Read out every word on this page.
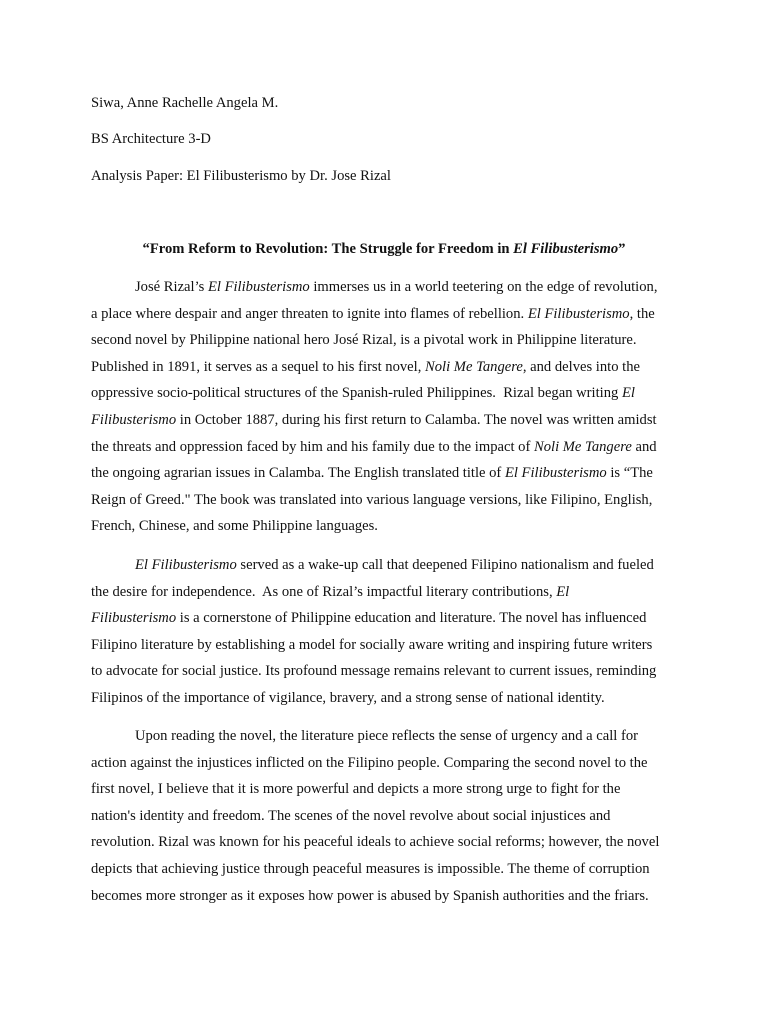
Siwa, Anne Rachelle Angela M.
BS Architecture 3-D
Analysis Paper: El Filibusterismo by Dr. Jose Rizal
“From Reform to Revolution: The Struggle for Freedom in El Filibusterismo”
José Rizal’s El Filibusterismo immerses us in a world teetering on the edge of revolution,
a place where despair and anger threaten to ignite into flames of rebellion. El Filibusterismo, the
second novel by Philippine national hero José Rizal, is a pivotal work in Philippine literature.
Published in 1891, it serves as a sequel to his first novel, Noli Me Tangere, and delves into the
oppressive socio-political structures of the Spanish-ruled Philippines.  Rizal began writing El
Filibusterismo in October 1887, during his first return to Calamba. The novel was written amidst
the threats and oppression faced by him and his family due to the impact of Noli Me Tangere and
the ongoing agrarian issues in Calamba. The English translated title of El Filibusterismo is “The
Reign of Greed." The book was translated into various language versions, like Filipino, English,
French, Chinese, and some Philippine languages.
El Filibusterismo served as a wake-up call that deepened Filipino nationalism and fueled
the desire for independence.  As one of Rizal’s impactful literary contributions, El
Filibusterismo is a cornerstone of Philippine education and literature. The novel has influenced
Filipino literature by establishing a model for socially aware writing and inspiring future writers
to advocate for social justice. Its profound message remains relevant to current issues, reminding
Filipinos of the importance of vigilance, bravery, and a strong sense of national identity.
Upon reading the novel, the literature piece reflects the sense of urgency and a call for
action against the injustices inflicted on the Filipino people. Comparing the second novel to the
first novel, I believe that it is more powerful and depicts a more strong urge to fight for the
nation's identity and freedom. The scenes of the novel revolve about social injustices and
revolution. Rizal was known for his peaceful ideals to achieve social reforms; however, the novel
depicts that achieving justice through peaceful measures is impossible. The theme of corruption
becomes more stronger as it exposes how power is abused by Spanish authorities and the friars.
